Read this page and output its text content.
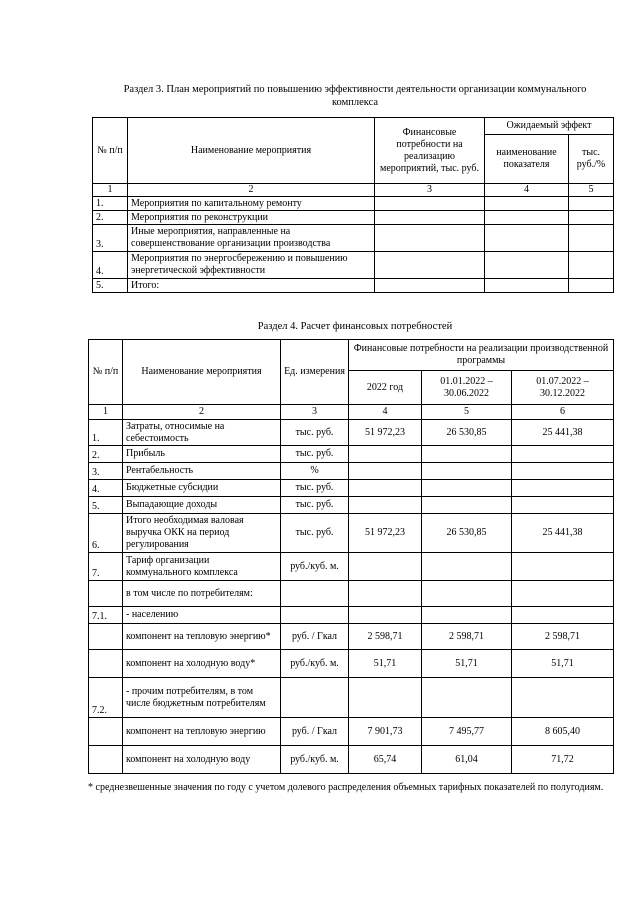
Раздел 3. План мероприятий по повышению эффективности деятельности организации коммунального комплекса
№ п/п	Наименование мероприятия	Финансовые потребности на реализацию мероприятий, тыс. руб.	Ожидаемый эффект	
			наименование показателя	тыс. руб./%
1	2	3	4	5
1.	Мероприятия по капитальному ремонту			
2.	Мероприятия по реконструкции			
3.	Иные мероприятия, направленные на совершенствование организации производства			
4.	Мероприятия по энергосбережению и повышению энергетической эффективности			
5.	Итого:			
Раздел 4. Расчет финансовых потребностей
№ п/п	Наименование мероприятия	Ед. измерения	Финансовые потребности на реализации производственной программы		
			2022 год	01.01.2022 – 30.06.2022	01.07.2022 – 30.12.2022
1	2	3	4	5	6
1.	Затраты, относимые на себестоимость	тыс. руб.	51 972,23	26 530,85	25 441,38
2.	Прибыль	тыс. руб.			
3.	Рентабельность	%			
4.	Бюджетные субсидии	тыс. руб.			
5.	Выпадающие доходы	тыс. руб.			
6.	Итого необходимая валовая выручка ОКК на период регулирования	тыс. руб.	51 972,23	26 530,85	25 441,38
7.	Тариф организации коммунального комплекса	руб./куб. м.			
	в том числе по потребителям:				
7.1.	- населению				
	компонент на тепловую энергию*	руб. / Гкал	2 598,71	2 598,71	2 598,71
	компонент на холодную воду*	руб./куб. м.	51,71	51,71	51,71
7.2.	- прочим потребителям, в том числе бюджетным потребителям				
	компонент на тепловую энергию	руб. / Гкал	7 901,73	7 495,77	8 605,40
	компонент на холодную воду	руб./куб. м.	65,74	61,04	71,72
* среднезвешенные значения по году с учетом долевого распределения объемных тарифных показателей по полугодиям.
